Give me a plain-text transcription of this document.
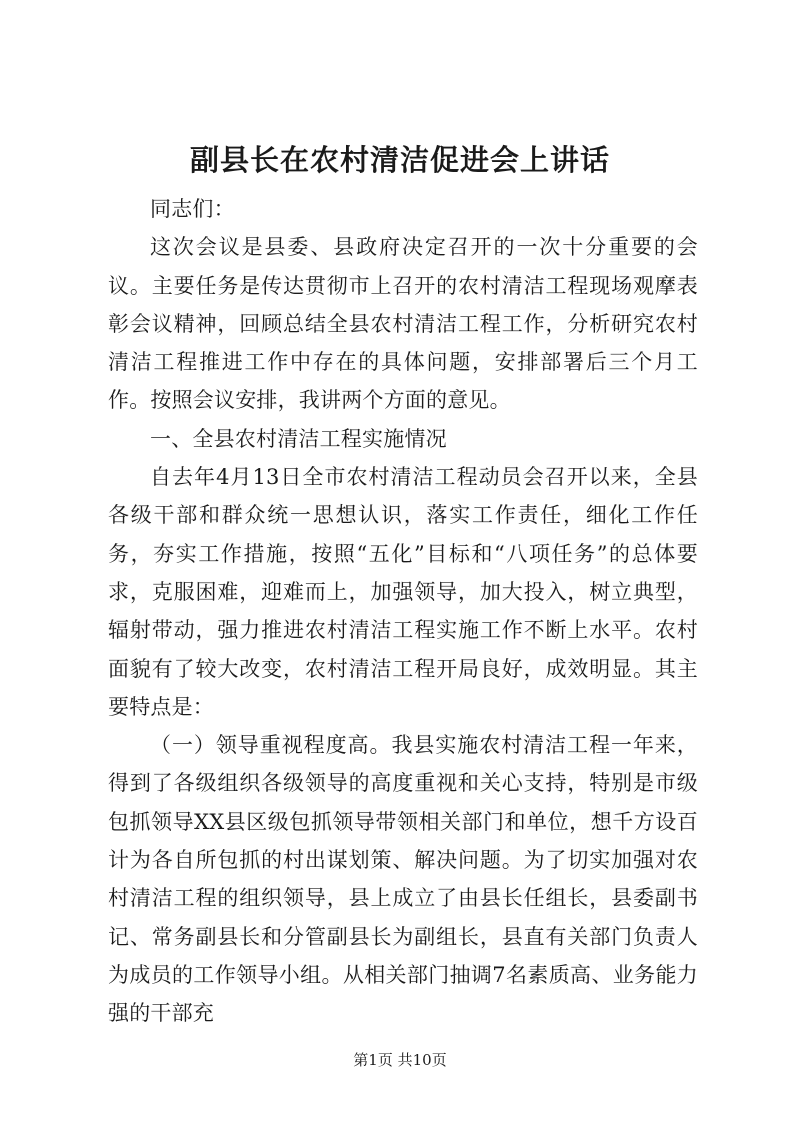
副县长在农村清洁促进会上讲话

同志们：

这次会议是县委、县政府决定召开的一次十分重要的会议。主要任务是传达贯彻市上召开的农村清洁工程现场观摩表彰会议精神，回顾总结全县农村清洁工程工作，分析研究农村清洁工程推进工作中存在的具体问题，安排部署后三个月工作。按照会议安排，我讲两个方面的意见。

一、全县农村清洁工程实施情况

自去年4月13日全市农村清洁工程动员会召开以来，全县各级干部和群众统一思想认识，落实工作责任，细化工作任务，夯实工作措施，按照“五化”目标和“八项任务”的总体要求，克服困难，迎难而上，加强领导，加大投入，树立典型，辐射带动，强力推进农村清洁工程实施工作不断上水平。农村面貌有了较大改变，农村清洁工程开局良好，成效明显。其主要特点是：

（一）领导重视程度高。我县实施农村清洁工程一年来，得到了各级组织各级领导的高度重视和关心支持，特别是市级包抓领导XX县区级包抓领导带领相关部门和单位，想千方设百计为各自所包抓的村出谋划策、解决问题。为了切实加强对农村清洁工程的组织领导，县上成立了由县长任组长，县委副书记、常务副县长和分管副县长为副组长，县直有关部门负责人为成员的工作领导小组。从相关部门抽调7名素质高、业务能力强的干部充

第1页 共10页
